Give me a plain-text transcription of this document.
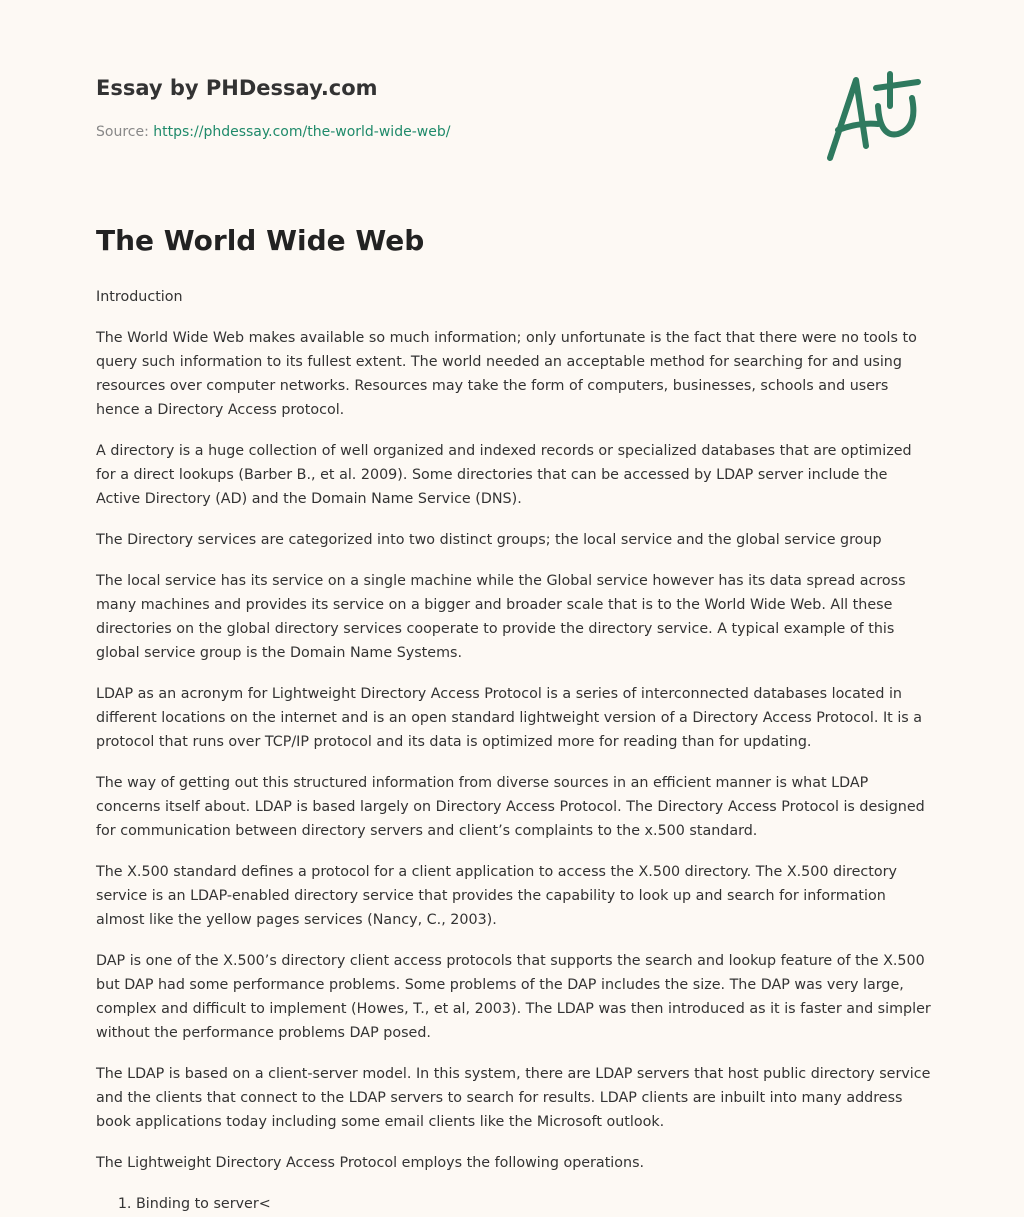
Essay by PHDessay.com

Source: https://phdessay.com/the-world-wide-web/

The World Wide Web

Introduction

The World Wide Web makes available so much information; only unfortunate is the fact that there were no tools to query such information to its fullest extent. The world needed an acceptable method for searching for and using resources over computer networks. Resources may take the form of computers, businesses, schools and users hence a Directory Access protocol.

A directory is a huge collection of well organized and indexed records or specialized databases that are optimized for a direct lookups (Barber B., et al. 2009). Some directories that can be accessed by LDAP server include the Active Directory (AD) and the Domain Name Service (DNS).

The Directory services are categorized into two distinct groups; the local service and the global service group

The local service has its service on a single machine while the Global service however has its data spread across many machines and provides its service on a bigger and broader scale that is to the World Wide Web. All these directories on the global directory services cooperate to provide the directory service. A typical example of this global service group is the Domain Name Systems.

LDAP as an acronym for Lightweight Directory Access Protocol is a series of interconnected databases located in different locations on the internet and is an open standard lightweight version of a Directory Access Protocol. It is a protocol that runs over TCP/IP protocol and its data is optimized more for reading than for updating.

The way of getting out this structured information from diverse sources in an efficient manner is what LDAP concerns itself about. LDAP is based largely on Directory Access Protocol. The Directory Access Protocol is designed for communication between directory servers and client’s complaints to the x.500 standard.

The X.500 standard defines a protocol for a client application to access the X.500 directory. The X.500 directory service is an LDAP-enabled directory service that provides the capability to look up and search for information almost like the yellow pages services (Nancy, C., 2003).

DAP is one of the X.500’s directory client access protocols that supports the search and lookup feature of the X.500 but DAP had some performance problems. Some problems of the DAP includes the size. The DAP was very large, complex and difficult to implement (Howes, T., et al, 2003). The LDAP was then introduced as it is faster and simpler without the performance problems DAP posed.

The LDAP is based on a client-server model. In this system, there are LDAP servers that host public directory service and the clients that connect to the LDAP servers to search for results. LDAP clients are inbuilt into many address book applications today including some email clients like the Microsoft outlook.

The Lightweight Directory Access Protocol employs the following operations.

1. Binding to server<
